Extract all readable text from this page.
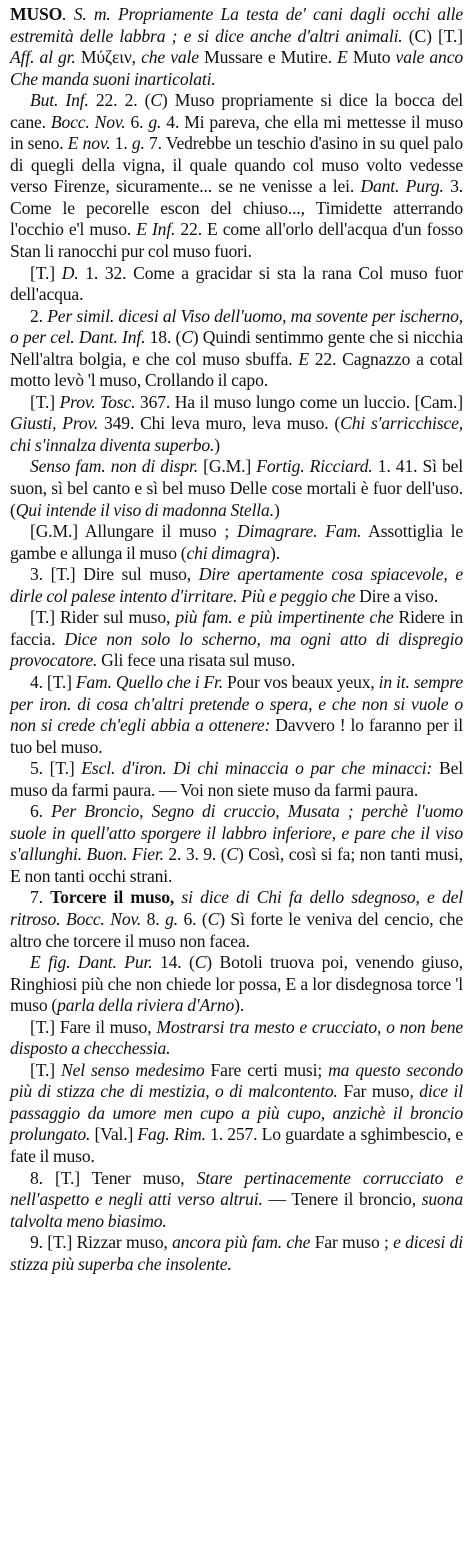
MUSO. S. m. Propriamente La testa de' cani dagli occhi alle estremità delle labbra ; e si dice anche d'altri animali. (C) [T.] Aff. al gr. Μύζειν, che vale Mussare e Mutire. E Muto vale anco Che manda suoni inarticolati.

But. Inf. 22. 2. (C) Muso propriamente si dice la bocca del cane. Bocc. Nov. 6. g. 4. Mi pareva, che ella mi mettesse il muso in seno. E nov. 1. g. 7. Vedrebbe un teschio d'asino in su quel palo di quegli della vigna, il quale quando col muso volto vedesse verso Firenze, sicuramente... se ne venisse a lei. Dant. Purg. 3. Come le pecorelle escon del chiuso..., Timidette atterrando l'occhio e'l muso. E Inf. 22. E come all'orlo dell'acqua d'un fosso Stan li ranocchi pur col muso fuori.

[T.] D. 1. 32. Come a gracidar si sta la rana Col muso fuor dell'acqua.

2. Per simil. dicesi al Viso dell'uomo, ma sovente per ischerno, o per cel. Dant. Inf. 18. (C) Quindi sentimmo gente che si nicchia Nell'altra bolgia, e che col muso sbuffa. E 22. Cagnazzo a cotal motto levò 'l muso, Crollando il capo.

[T.] Prov. Tosc. 367. Ha il muso lungo come un luccio. [Cam.] Giusti, Prov. 349. Chi leva muro, leva muso. (Chi s'arricchisce, chi s'innalza diventa superbo.)

Senso fam. non di dispr. [G.M.] Fortig. Ricciard. 1. 41. Sì bel suon, sì bel canto e sì bel muso Delle cose mortali è fuor dell'uso. (Qui intende il viso di madonna Stella.)

[G.M.] Allungare il muso ; Dimagrare. Fam. Assottiglia le gambe e allunga il muso (chi dimagra).

3. [T.] Dire sul muso, Dire apertamente cosa spiacevole, e dirle col palese intento d'irritare. Più e peggio che Dire a viso.

[T.] Rider sul muso, più fam. e più impertinente che Ridere in faccia. Dice non solo lo scherno, ma ogni atto di dispregio provocatore. Gli fece una risata sul muso.

4. [T.] Fam. Quello che i Fr. Pour vos beaux yeux, in it. sempre per iron. di cosa ch'altri pretende o spera, e che non si vuole o non si crede ch'egli abbia a ottenere: Davvero ! lo faranno per il tuo bel muso.

5. [T.] Escl. d'iron. Di chi minaccia o par che minacci: Bel muso da farmi paura. — Voi non siete muso da farmi paura.

6. Per Broncio, Segno di cruccio, Musata ; perchè l'uomo suole in quell'atto sporgere il labbro inferiore, e pare che il viso s'allunghi. Buon. Fier. 2. 3. 9. (C) Così, così si fa; non tanti musi, E non tanti occhi strani.

7. Torcere il muso, si dice di Chi fa dello sdegnoso, e del ritroso. Bocc. Nov. 8. g. 6. (C) Sì forte le veniva del cencio, che altro che torcere il muso non facea.

E fig. Dant. Pur. 14. (C) Botoli truova poi, venendo giuso, Ringhiosi più che non chiede lor possa, E a lor disdegnosa torce 'l muso (parla della riviera d'Arno).

[T.] Fare il muso, Mostrarsi tra mesto e crucciato, o non bene disposto a checchessia.

[T.] Nel senso medesimo Fare certi musi; ma questo secondo più di stizza che di mestizia, o di malcontento. Far muso, dice il passaggio da umore men cupo a più cupo, anzichè il broncio prolungato. [Val.] Fag. Rim. 1. 257. Lo guardate a sghimbescio, e fate il muso.

8. [T.] Tener muso, Stare pertinacemente corrucciato e nell'aspetto e negli atti verso altrui. — Tenere il broncio, suona talvolta meno biasimo.

9. [T.] Rizzar muso, ancora più fam. che Far muso ; e dicesi di stizza più superba che insolente.
